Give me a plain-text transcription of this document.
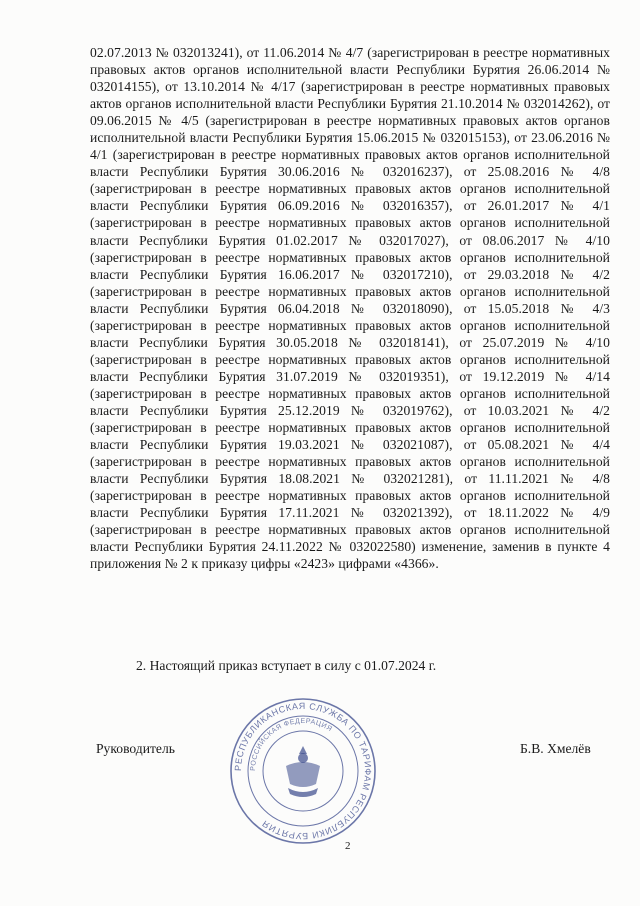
02.07.2013 № 032013241), от 11.06.2014 № 4/7 (зарегистрирован в реестре нормативных правовых актов органов исполнительной власти Республики Бурятия 26.06.2014 № 032014155), от 13.10.2014 № 4/17 (зарегистрирован в реестре нормативных правовых актов органов исполнительной власти Республики Бурятия 21.10.2014 № 032014262), от 09.06.2015 № 4/5 (зарегистрирован в реестре нормативных правовых актов органов исполнительной власти Республики Бурятия 15.06.2015 № 032015153), от 23.06.2016 № 4/1 (зарегистрирован в реестре нормативных правовых актов органов исполнительной власти Республики Бурятия 30.06.2016 № 032016237), от 25.08.2016 № 4/8 (зарегистрирован в реестре нормативных правовых актов органов исполнительной власти Республики Бурятия 06.09.2016 № 032016357), от 26.01.2017 № 4/1 (зарегистрирован в реестре нормативных правовых актов органов исполнительной власти Республики Бурятия 01.02.2017 № 032017027), от 08.06.2017 № 4/10 (зарегистрирован в реестре нормативных правовых актов органов исполнительной власти Республики Бурятия 16.06.2017 № 032017210), от 29.03.2018 № 4/2 (зарегистрирован в реестре нормативных правовых актов органов исполнительной власти Республики Бурятия 06.04.2018 № 032018090), от 15.05.2018 № 4/3 (зарегистрирован в реестре нормативных правовых актов органов исполнительной власти Республики Бурятия 30.05.2018 № 032018141), от 25.07.2019 № 4/10 (зарегистрирован в реестре нормативных правовых актов органов исполнительной власти Республики Бурятия 31.07.2019 № 032019351), от 19.12.2019 № 4/14 (зарегистрирован в реестре нормативных правовых актов органов исполнительной власти Республики Бурятия 25.12.2019 № 032019762), от 10.03.2021 № 4/2 (зарегистрирован в реестре нормативных правовых актов органов исполнительной власти Республики Бурятия 19.03.2021 № 032021087), от 05.08.2021 № 4/4 (зарегистрирован в реестре нормативных правовых актов органов исполнительной власти Республики Бурятия 18.08.2021 № 032021281), от 11.11.2021 № 4/8 (зарегистрирован в реестре нормативных правовых актов органов исполнительной власти Республики Бурятия 17.11.2021 № 032021392), от 18.11.2022 № 4/9 (зарегистрирован в реестре нормативных правовых актов органов исполнительной власти Республики Бурятия 24.11.2022 № 032022580) изменение, заменив в пункте 4 приложения № 2 к приказу цифры «2423» цифрами «4366».
2. Настоящий приказ вступает в силу с 01.07.2024 г.
РЕСПУБЛИКАНСКАЯ СЛУЖБА ПО ТАРИФАМ РЕСПУБЛИКИ БУРЯТИЯ
РОССИЙСКАЯ ФЕДЕРАЦИЯ
Руководитель	Б.В. Хмелёв
2
